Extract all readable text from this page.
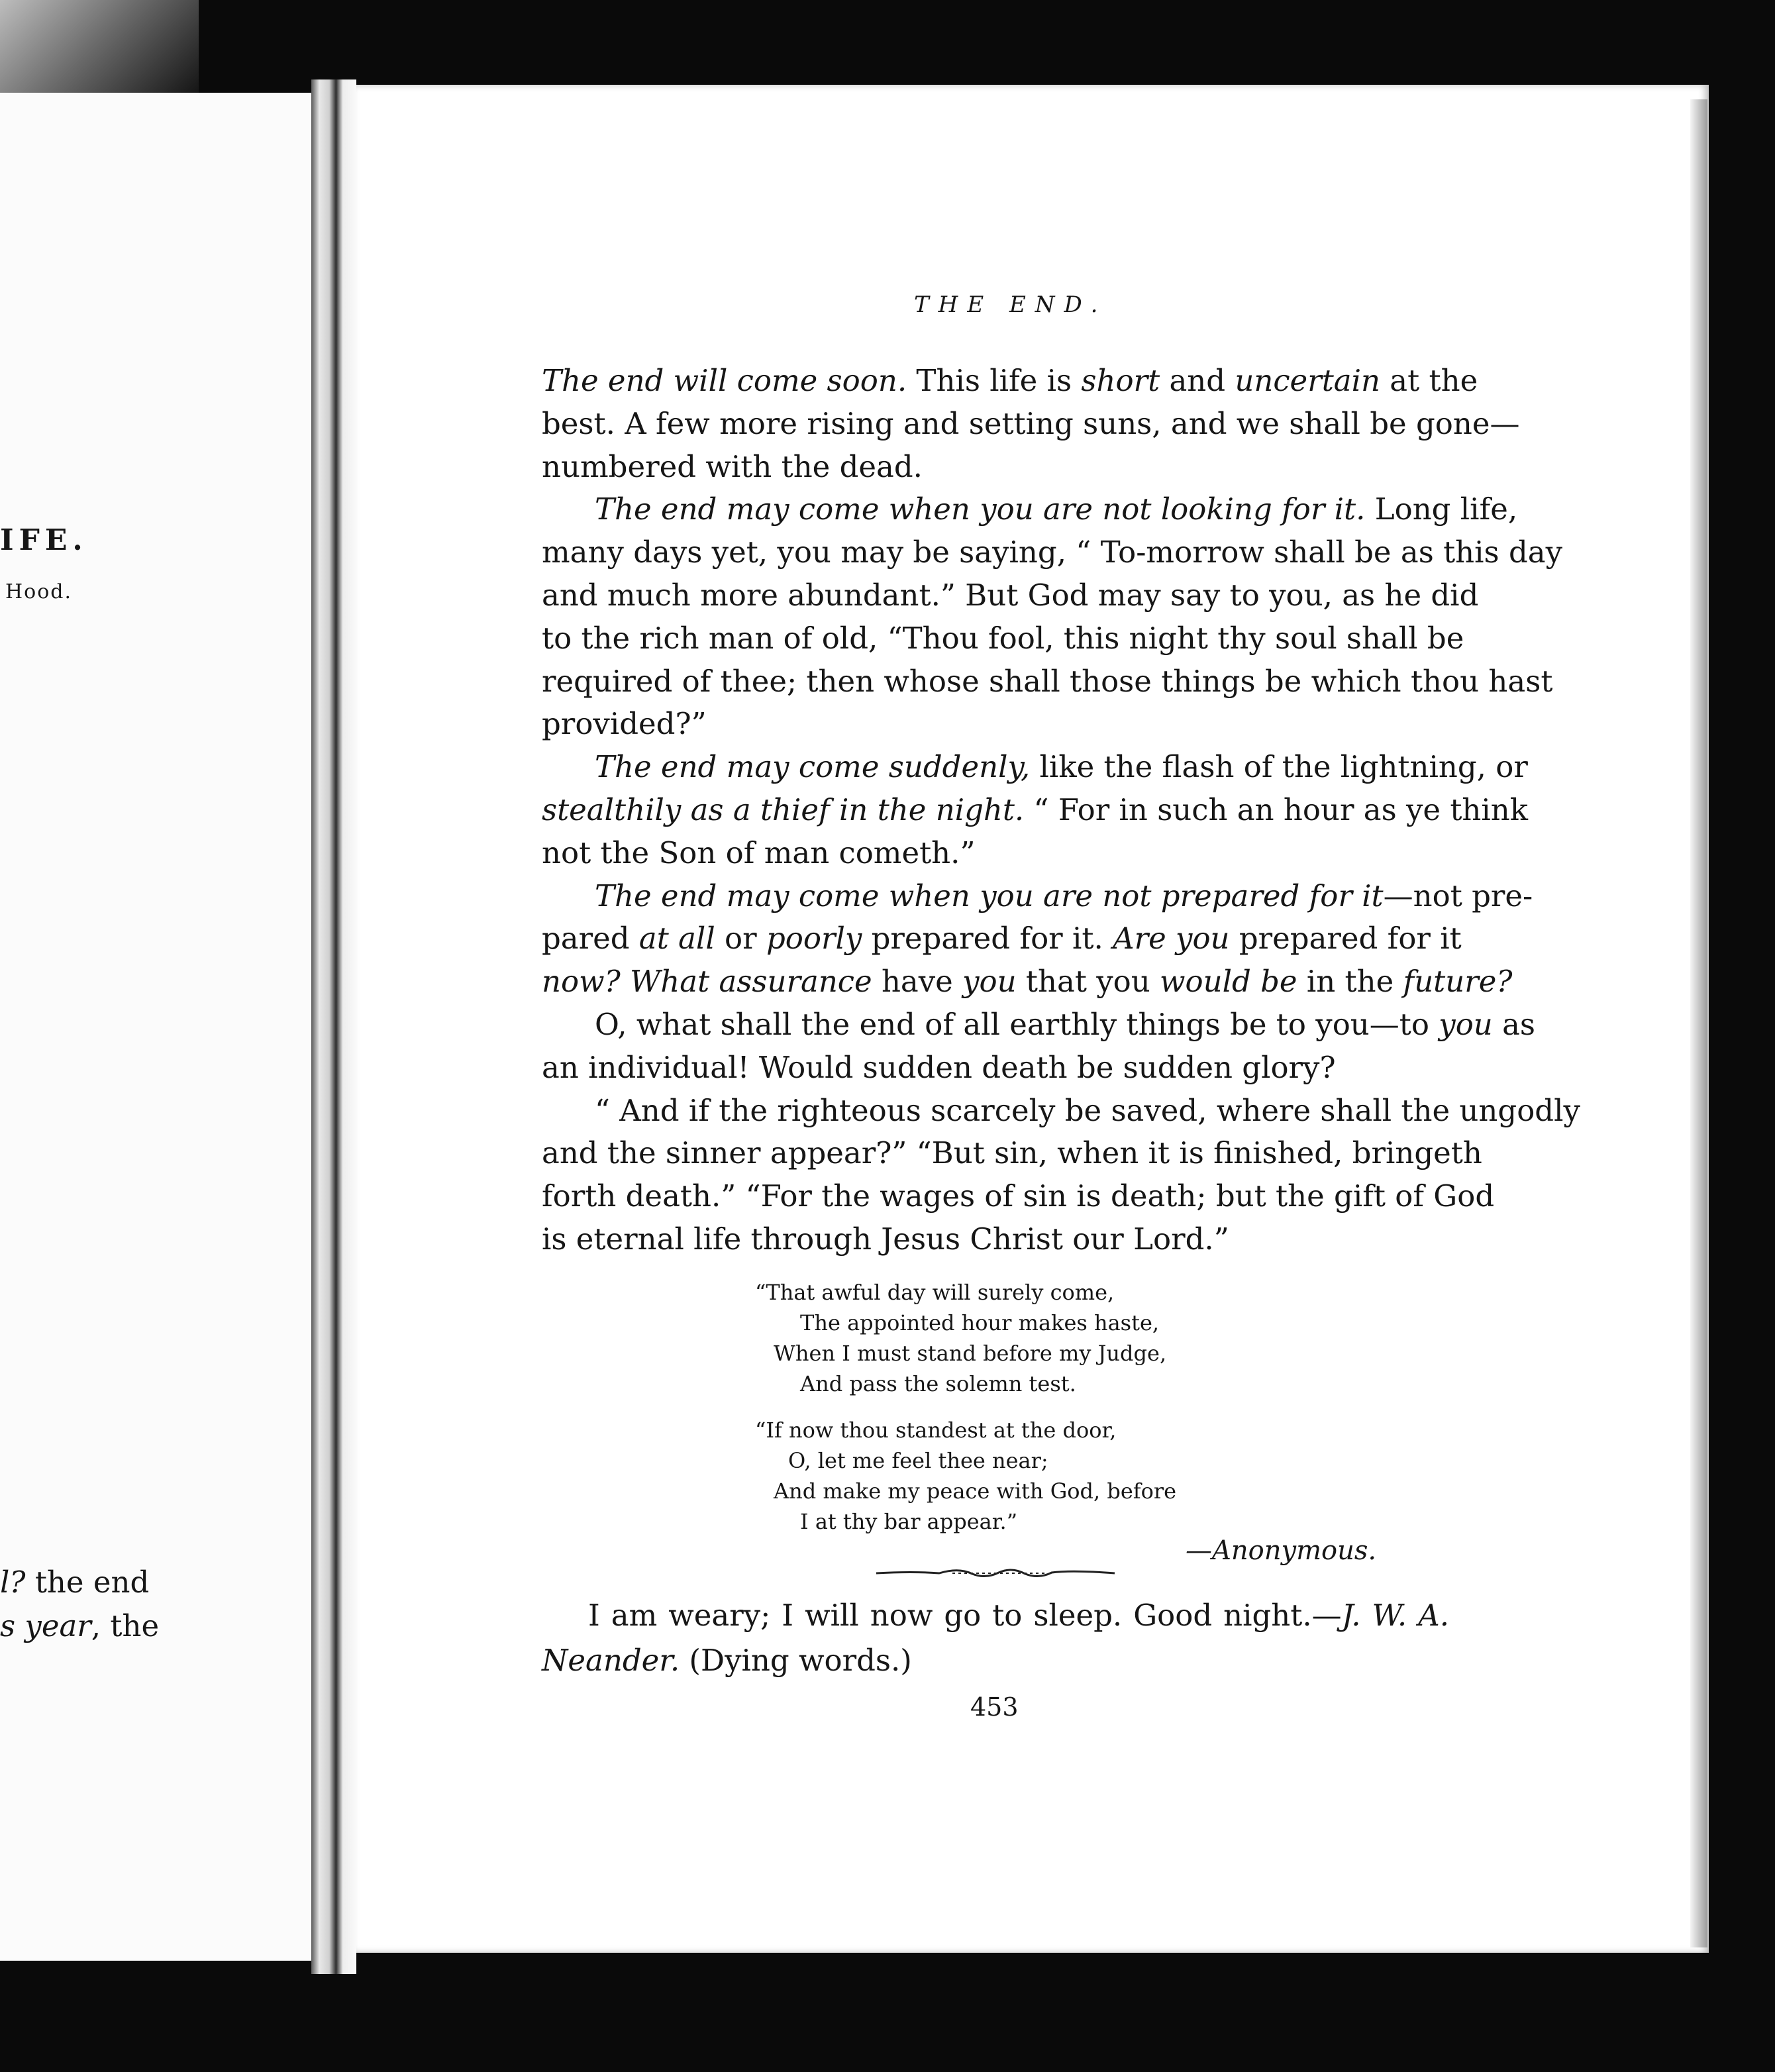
IFE.
Hood.
l? the end
s year, the
THE END.
The end will come soon. This life is short and uncertain at the
best. A few more rising and setting suns, and we shall be gone—
numbered with the dead.
The end may come when you are not looking for it. Long life,
many days yet, you may be saying, “ To-morrow shall be as this day
and much more abundant.” But God may say to you, as he did
to the rich man of old, “Thou fool, this night thy soul shall be
required of thee; then whose shall those things be which thou hast
provided?”
The end may come suddenly, like the flash of the lightning, or
stealthily as a thief in the night. “ For in such an hour as ye think
not the Son of man cometh.”
The end may come when you are not prepared for it—not pre-
pared at all or poorly prepared for it. Are you prepared for it
now? What assurance have you that you would be in the future?
O, what shall the end of all earthly things be to you—to you as
an individual! Would sudden death be sudden glory?
“ And if the righteous scarcely be saved, where shall the ungodly
and the sinner appear?” “But sin, when it is finished, bringeth
forth death.” “For the wages of sin is death; but the gift of God
is eternal life through Jesus Christ our Lord.”
“That awful day will surely come,
The appointed hour makes haste,
When I must stand before my Judge,
And pass the solemn test.
“If now thou standest at the door,
O, let me feel thee near;
And make my peace with God, before
I at thy bar appear.”
—Anonymous.
I am weary; I will now go to sleep. Good night.—J. W. A.
Neander. (Dying words.)
453
